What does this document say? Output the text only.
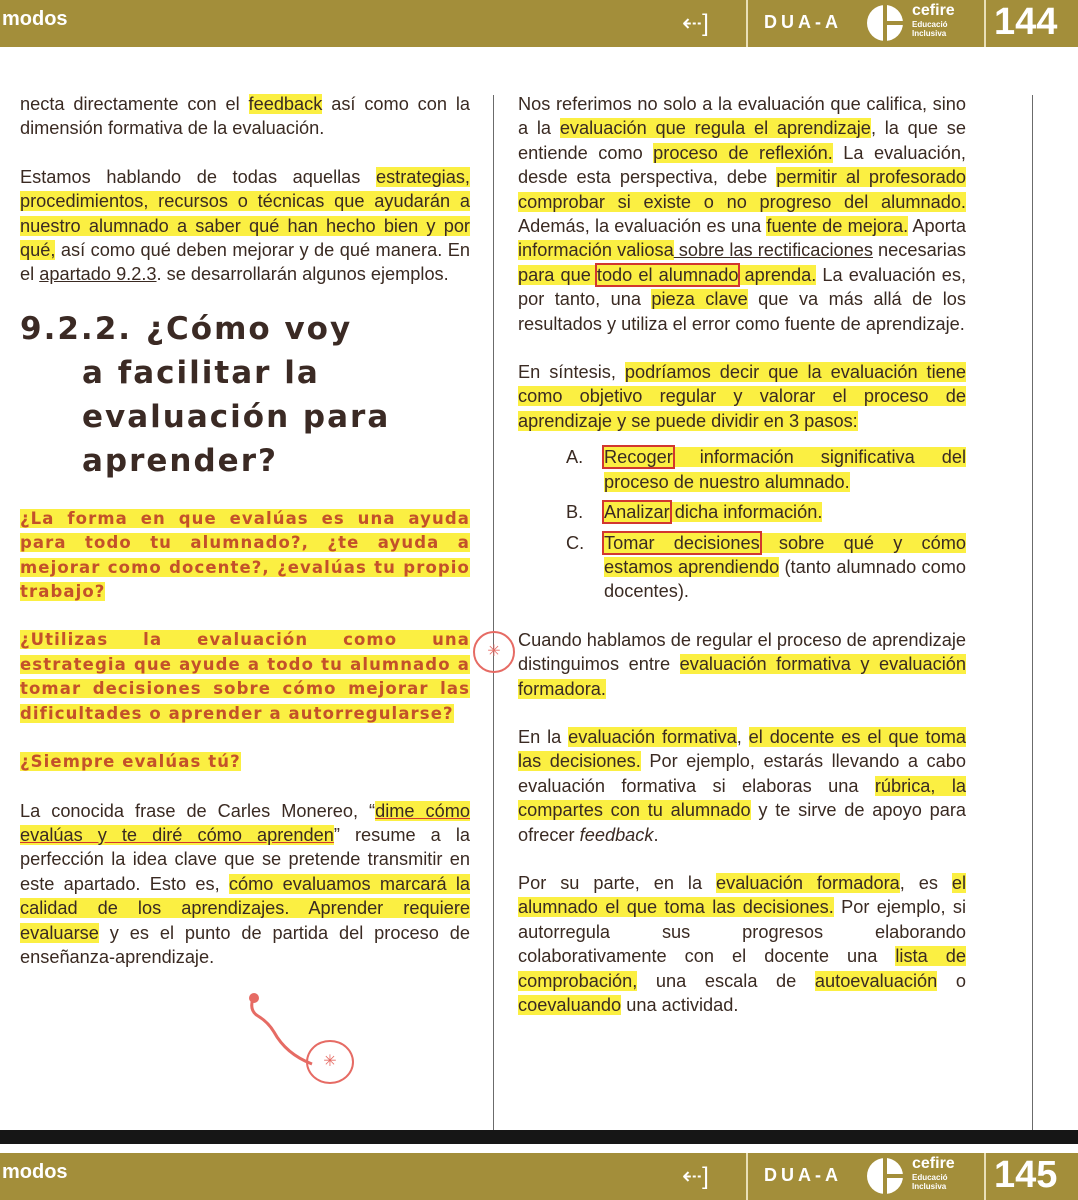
modos	⇠]	DUA-A
cefire
Educació
Inclusiva 144

necta directamente con el feedback así como con la dimensión formativa de la evaluación.

Estamos hablando de todas aquellas estrategias, procedimientos, recursos o técnicas que ayudarán a nuestro alumnado a saber qué han hecho bien y por qué, así como qué deben mejorar y de qué manera. En el apartado 9.2.3. se desarrollarán algunos ejemplos.

9.2.2. ¿Cómo voy
a facilitar la
evaluación para
aprender?

¿La forma en que evalúas es una ayuda para todo tu alumnado?, ¿te ayuda a mejorar como docente?, ¿evalúas tu propio trabajo?

¿Utilizas la evaluación como una estrategia que ayude a todo tu alumnado a tomar decisiones sobre cómo mejorar las dificultades o aprender a autorregularse?

¿Siempre evalúas tú?

La conocida frase de Carles Monereo, “dime cómo evalúas y te diré cómo aprenden” resume a la perfección la idea clave que se pretende transmitir en este apartado. Esto es, cómo evaluamos marcará la calidad de los aprendizajes. Aprender requiere evaluarse y es el punto de partida del proceso de enseñanza-aprendizaje.

✳
✳

Nos referimos no solo a la evaluación que califica, sino a la evaluación que regula el aprendizaje, la que se entiende como proceso de reflexión. La evaluación, desde esta perspectiva, debe permitir al profesorado comprobar si existe o no progreso del alumnado. Además, la evaluación es una fuente de mejora. Aporta información valiosa sobre las rectificaciones necesarias para que todo el alumnado aprenda. La evaluación es, por tanto, una pieza clave que va más allá de los resultados y utiliza el error como fuente de aprendizaje.

En síntesis, podríamos decir que la evaluación tiene como objetivo regular y valorar el proceso de aprendizaje y se puede dividir en 3 pasos:

A.	Recoger información significativa del proceso de nuestro alumnado.
B.	Analizar dicha información.
C.	Tomar decisiones sobre qué y cómo estamos aprendiendo (tanto alumnado como docentes).

Cuando hablamos de regular el proceso de aprendizaje distinguimos entre evaluación formativa y evaluación formadora.

En la evaluación formativa, el docente es el que toma las decisiones. Por ejemplo, estarás llevando a cabo evaluación formativa si elaboras una rúbrica, la compartes con tu alumnado y te sirve de apoyo para ofrecer feedback.

Por su parte, en la evaluación formadora, es el alumnado el que toma las decisiones. Por ejemplo, si autorregula sus progresos elaborando colaborativamente con el docente una lista de comprobación, una escala de autoevaluación o coevaluando una actividad.

modos	⇠]	DUA-A
cefire
Educació
Inclusiva 145
